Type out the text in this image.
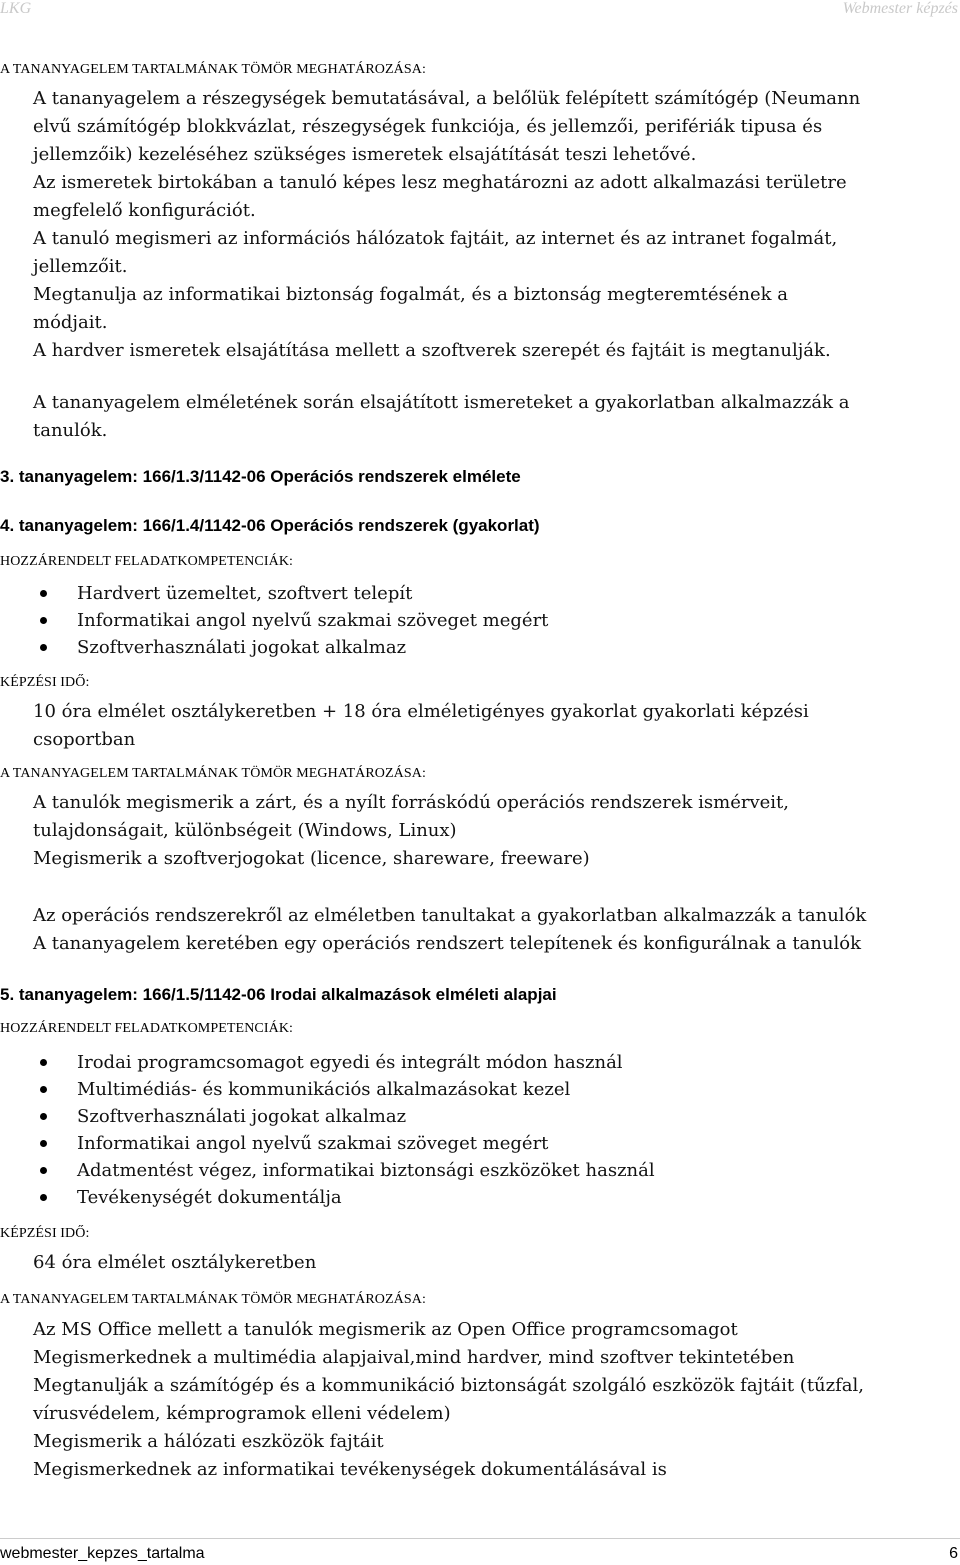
LKG	Webmester képzés
A TANANYAGELEM TARTALMÁNAK TÖMÖR MEGHATÁROZÁSA:
A tananyagelem a részegységek bemutatásával, a belőlük felépített számítógép (Neumann
elvű számítógép blokkvázlat, részegységek funkciója, és jellemzői, perifériák tipusa és
jellemzőik) kezeléséhez szükséges ismeretek elsajátítását teszi lehetővé.
Az ismeretek birtokában a tanuló képes lesz meghatározni az adott alkalmazási területre
megfelelő konfigurációt.
A tanuló megismeri az információs hálózatok fajtáit, az internet és az intranet fogalmát,
jellemzőit.
Megtanulja az informatikai biztonság fogalmát, és a biztonság megteremtésének a
módjait.
A hardver ismeretek elsajátítása mellett a szoftverek szerepét és fajtáit is megtanulják.
A tananyagelem elméletének során elsajátított ismereteket a gyakorlatban alkalmazzák a
tanulók.
3. tananyagelem: 166/1.3/1142-06 Operációs rendszerek elmélete
4. tananyagelem: 166/1.4/1142-06 Operációs rendszerek (gyakorlat)
HOZZÁRENDELT FELADATKOMPETENCIÁK:
Hardvert üzemeltet, szoftvert telepít
Informatikai angol nyelvű szakmai szöveget megért
Szoftverhasználati jogokat alkalmaz
KÉPZÉSI IDŐ:
10 óra elmélet osztálykeretben + 18 óra elméletigényes gyakorlat gyakorlati képzési
csoportban
A TANANYAGELEM TARTALMÁNAK TÖMÖR MEGHATÁROZÁSA:
A tanulók megismerik a zárt, és a nyílt forráskódú operációs rendszerek ismérveit,
tulajdonságait, különbségeit (Windows, Linux)
Megismerik a szoftverjogokat (licence, shareware, freeware)
Az operációs rendszerekről az elméletben tanultakat a gyakorlatban alkalmazzák a tanulók
A tananyagelem keretében egy operációs rendszert telepítenek és konfigurálnak a tanulók
5. tananyagelem: 166/1.5/1142-06 Irodai alkalmazások elméleti alapjai
HOZZÁRENDELT FELADATKOMPETENCIÁK:
Irodai programcsomagot egyedi és integrált módon használ
Multimédiás- és kommunikációs alkalmazásokat kezel
Szoftverhasználati jogokat alkalmaz
Informatikai angol nyelvű szakmai szöveget megért
Adatmentést végez, informatikai biztonsági eszközöket használ
Tevékenységét dokumentálja
KÉPZÉSI IDŐ:
64 óra elmélet osztálykeretben
A TANANYAGELEM TARTALMÁNAK TÖMÖR MEGHATÁROZÁSA:
Az MS Office mellett a tanulók megismerik az Open Office programcsomagot
Megismerkednek a multimédia alapjaival,mind hardver, mind szoftver tekintetében
Megtanulják a számítógép és a kommunikáció biztonságát szolgáló eszközök fajtáit (tűzfal,
vírusvédelem, kémprogramok elleni védelem)
Megismerik a hálózati eszközök fajtáit
Megismerkednek az informatikai tevékenységek dokumentálásával is
webmester_kepzes_tartalma	6
